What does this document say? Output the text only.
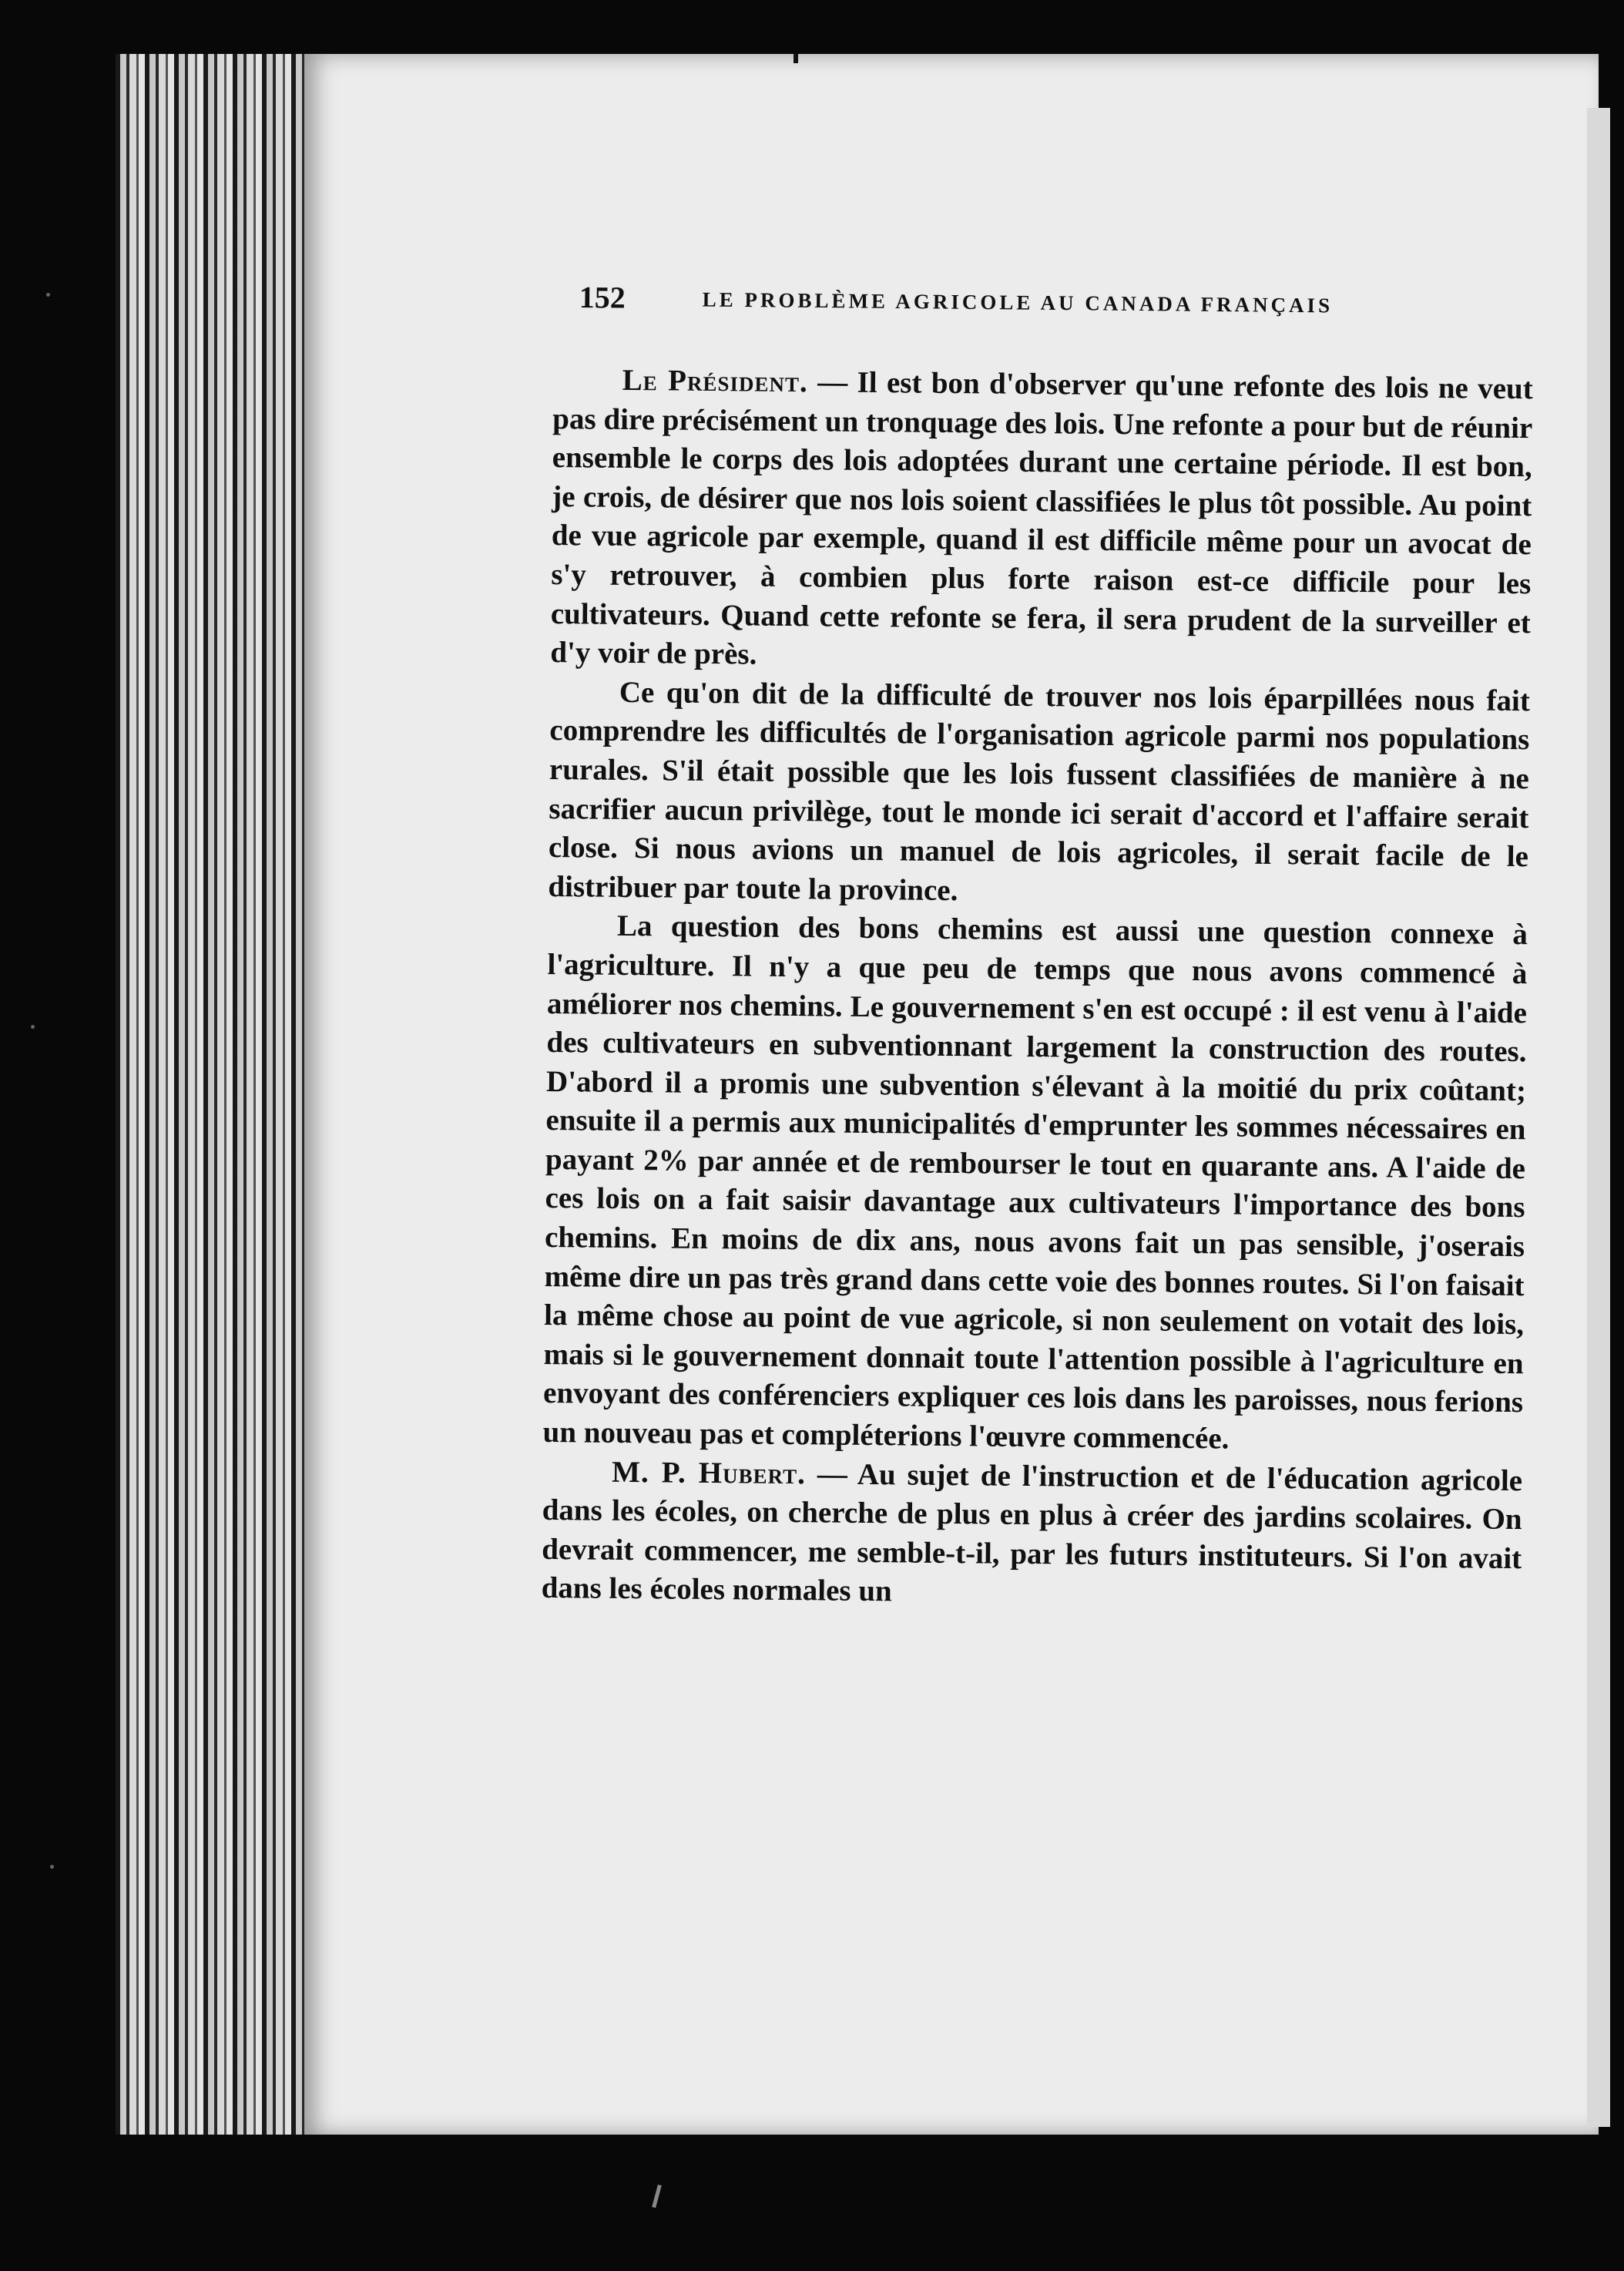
152	LE PROBLÈME AGRICOLE AU CANADA FRANÇAIS

Le Président. — Il est bon d'observer qu'une refonte des lois ne veut pas dire précisément un tronquage des lois. Une refonte a pour but de réunir ensemble le corps des lois adoptées durant une certaine période. Il est bon, je crois, de désirer que nos lois soient classifiées le plus tôt possible. Au point de vue agricole par exemple, quand il est difficile même pour un avocat de s'y retrouver, à combien plus forte raison est-ce difficile pour les cultivateurs. Quand cette refonte se fera, il sera prudent de la surveiller et d'y voir de près.

Ce qu'on dit de la difficulté de trouver nos lois éparpillées nous fait comprendre les difficultés de l'organisation agricole parmi nos populations rurales. S'il était possible que les lois fussent classifiées de manière à ne sacrifier aucun privilège, tout le monde ici serait d'accord et l'affaire serait close. Si nous avions un manuel de lois agricoles, il serait facile de le distribuer par toute la province.

La question des bons chemins est aussi une question connexe à l'agriculture. Il n'y a que peu de temps que nous avons commencé à améliorer nos chemins. Le gouvernement s'en est occupé : il est venu à l'aide des cultivateurs en subventionnant largement la construction des routes. D'abord il a promis une subvention s'élevant à la moitié du prix coûtant; ensuite il a permis aux municipalités d'emprunter les sommes nécessaires en payant 2% par année et de rembourser le tout en quarante ans. A l'aide de ces lois on a fait saisir davantage aux cultivateurs l'importance des bons chemins. En moins de dix ans, nous avons fait un pas sensible, j'oserais même dire un pas très grand dans cette voie des bonnes routes. Si l'on faisait la même chose au point de vue agricole, si non seulement on votait des lois, mais si le gouvernement donnait toute l'attention possible à l'agriculture en envoyant des conférenciers expliquer ces lois dans les paroisses, nous ferions un nouveau pas et compléterions l'œuvre commencée.

M. P. Hubert. — Au sujet de l'instruction et de l'éducation agricole dans les écoles, on cherche de plus en plus à créer des jardins scolaires. On devrait commencer, me semble-t-il, par les futurs instituteurs. Si l'on avait dans les écoles normales un
